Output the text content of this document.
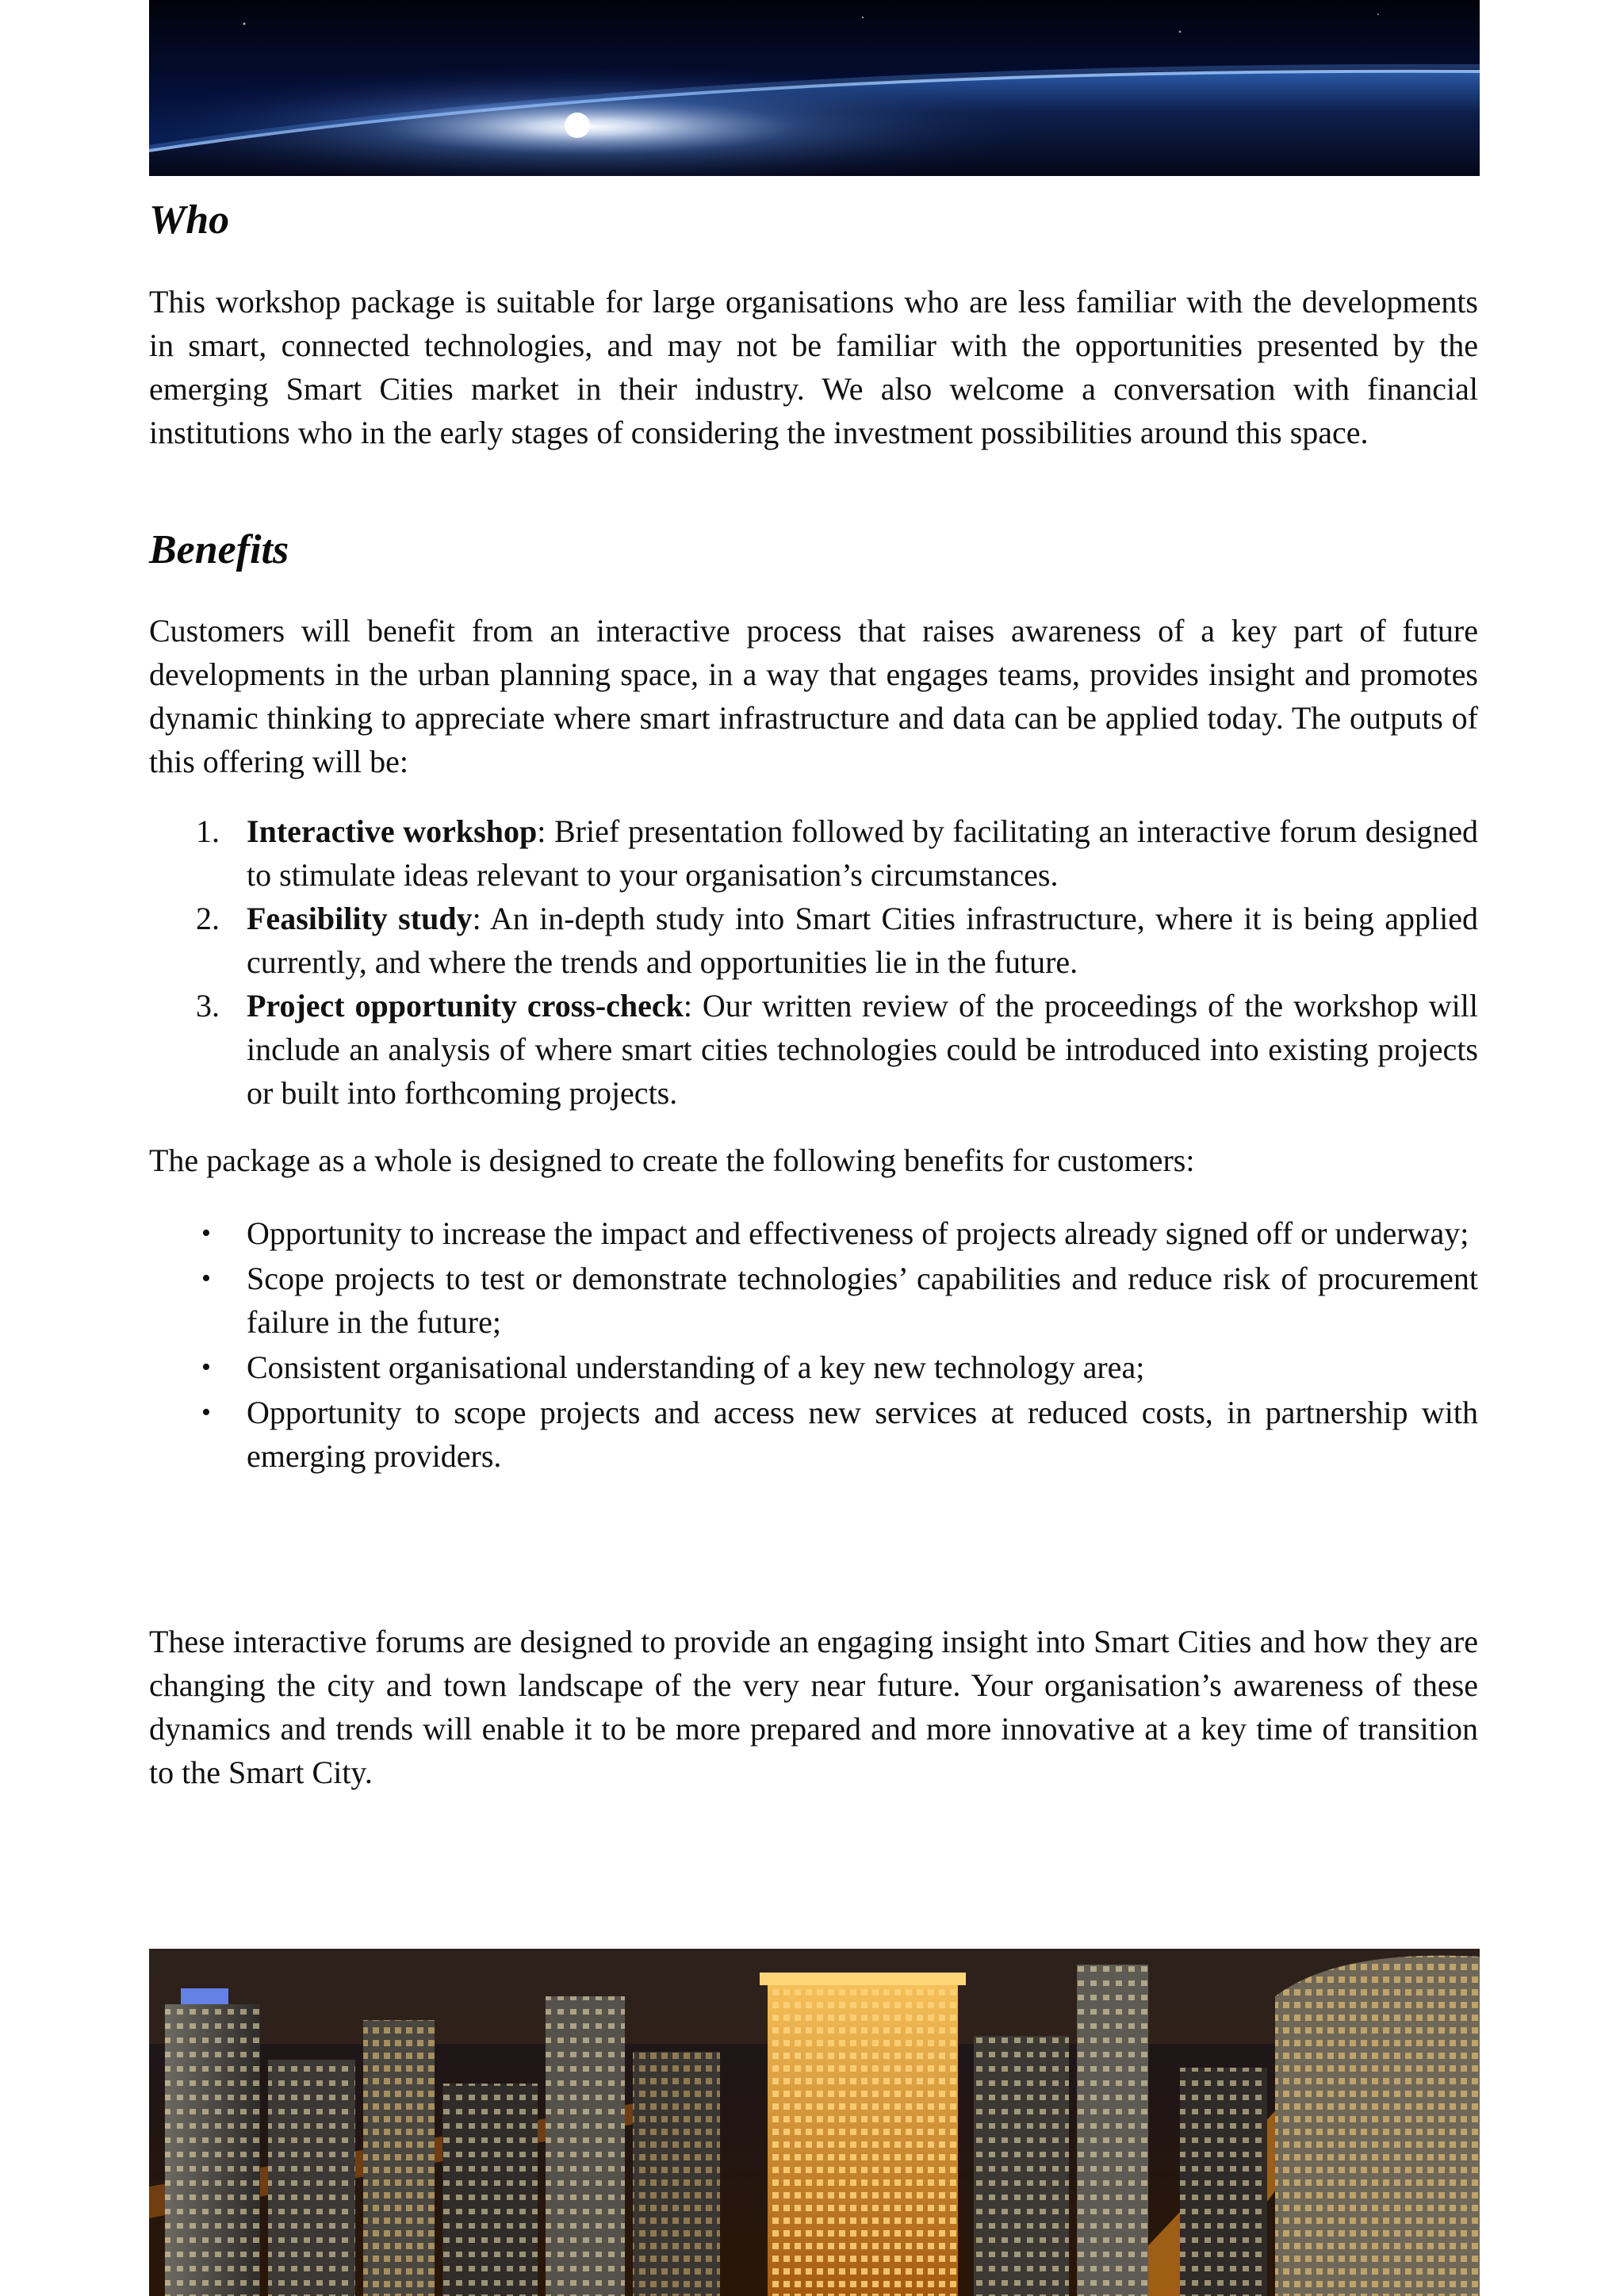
Who

This workshop package is suitable for large organisations who are less familiar with the developments in smart, connected technologies, and may not be familiar with the opportunities presented by the emerging Smart Cities market in their industry. We also welcome a conversation with financial institutions who in the early stages of considering the investment possibilities around this space.

Benefits

Customers will benefit from an interactive process that raises awareness of a key part of future developments in the urban planning space, in a way that engages teams, provides insight and promotes dynamic thinking to appreciate where smart infrastructure and data can be applied today. The outputs of this offering will be:

1. Interactive workshop: Brief presentation followed by facilitating an interactive forum designed to stimulate ideas relevant to your organisation’s circumstances.
2. Feasibility study: An in-depth study into Smart Cities infrastructure, where it is being applied currently, and where the trends and opportunities lie in the future.
3. Project opportunity cross-check: Our written review of the proceedings of the workshop will include an analysis of where smart cities technologies could be introduced into existing projects or built into forthcoming projects.

The package as a whole is designed to create the following benefits for customers:

• Opportunity to increase the impact and effectiveness of projects already signed off or underway;
• Scope projects to test or demonstrate technologies’ capabilities and reduce risk of procurement failure in the future;
• Consistent organisational understanding of a key new technology area;
• Opportunity to scope projects and access new services at reduced costs, in partnership with emerging providers.

These interactive forums are designed to provide an engaging insight into Smart Cities and how they are changing the city and town landscape of the very near future. Your organisation’s awareness of these dynamics and trends will enable it to be more prepared and more innovative at a key time of transition to the Smart City.
